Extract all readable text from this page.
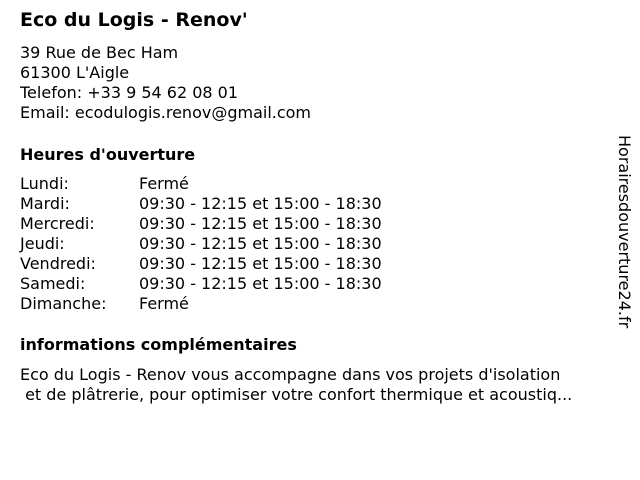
Eco du Logis - Renov'
39 Rue de Bec Ham
61300 L'Aigle
Telefon: +33 9 54 62 08 01
Email: ecodulogis.renov@gmail.com
Heures d'ouverture
Lundi:	Fermé
Mardi:	09:30 - 12:15 et 15:00 - 18:30
Mercredi:	09:30 - 12:15 et 15:00 - 18:30
Jeudi:	09:30 - 12:15 et 15:00 - 18:30
Vendredi:	09:30 - 12:15 et 15:00 - 18:30
Samedi:	09:30 - 12:15 et 15:00 - 18:30
Dimanche: Fermé
informations complémentaires
Eco du Logis - Renov vous accompagne dans vos projets d'isolation
et de plâtrerie, pour optimiser votre confort thermique et acoustiq...
Horairesdouverture24.fr
